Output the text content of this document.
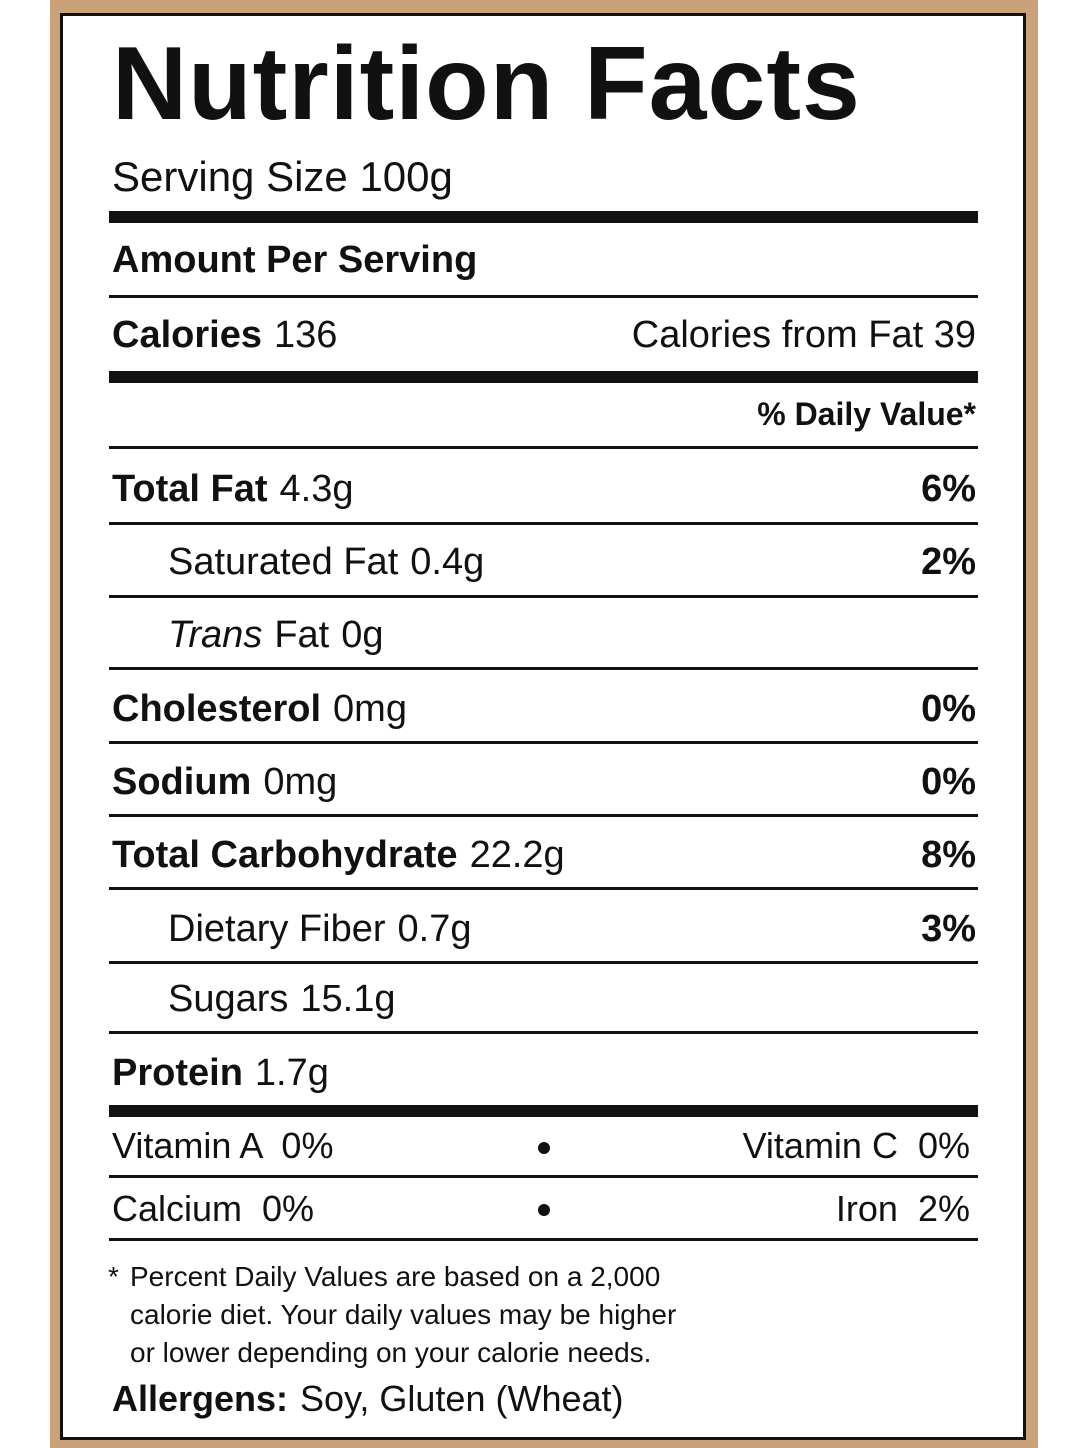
Nutrition Facts
Serving Size 100g
Amount Per Serving
Calories 136	Calories from Fat 39
% Daily Value*
Total Fat 4.3g	6%
Saturated Fat 0.4g	2%
Trans Fat 0g
Cholesterol 0mg	0%
Sodium 0mg	0%
Total Carbohydrate 22.2g	8%
Dietary Fiber 0.7g	3%
Sugars 15.1g
Protein 1.7g
Vitamin A  0%	Vitamin C  0%
Calcium  0%	Iron  2%
* Percent Daily Values are based on a 2,000
calorie diet. Your daily values may be higher
or lower depending on your calorie needs.
Allergens: Soy, Gluten (Wheat)
